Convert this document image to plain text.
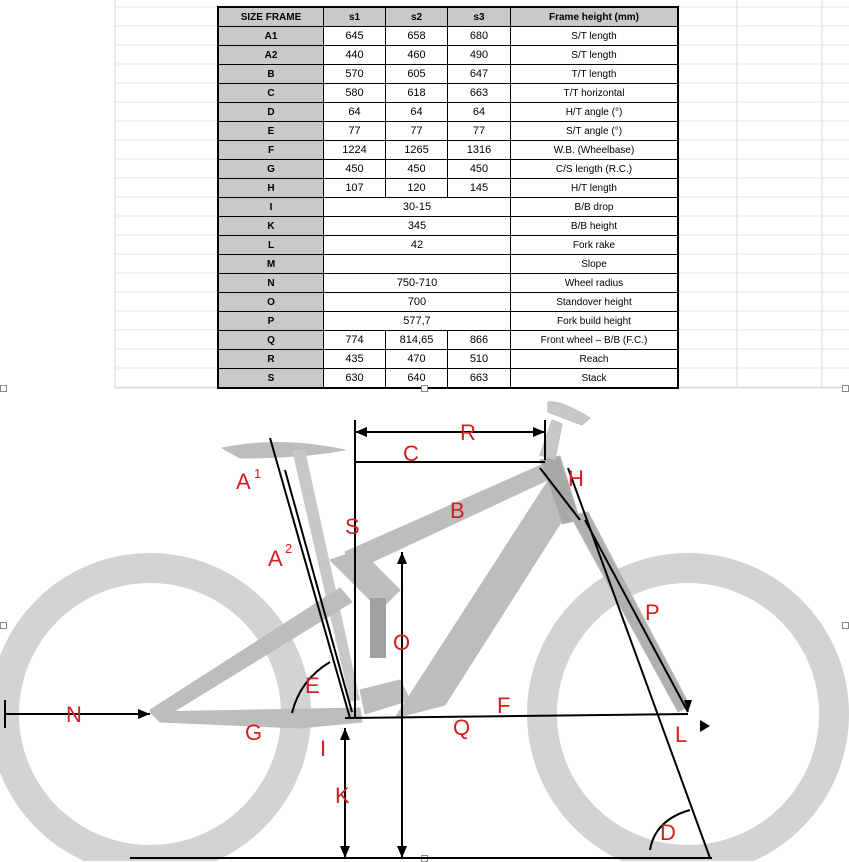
SIZE FRAME	s1	s2	s3	Frame height (mm)
A1	645	658	680	S/T length
A2	440	460	490	S/T length
B	570	605	647	T/T length
C	580	618	663	T/T horizontal
D	64	64	64	H/T angle (°)
E	77	77	77	S/T angle (°)
F	1224	1265	1316	W.B. (Wheelbase)
G	450	450	450	C/S length (R.C.)
H	107	120	145	H/T length
I	30-15			B/B drop
K	345			B/B height
L	42			Fork rake
M				Slope
N	750-710			Wheel radius
O	700			Standover height
P	577,7			Fork build height
Q	774	814,65	866	Front wheel – B/B (F.C.)
R	435	470	510	Reach
S	630	640	663	Stack
R
C
A 1	H
B
S
A 2
P
O
E
F
N
G	Q	L
I
K
D
